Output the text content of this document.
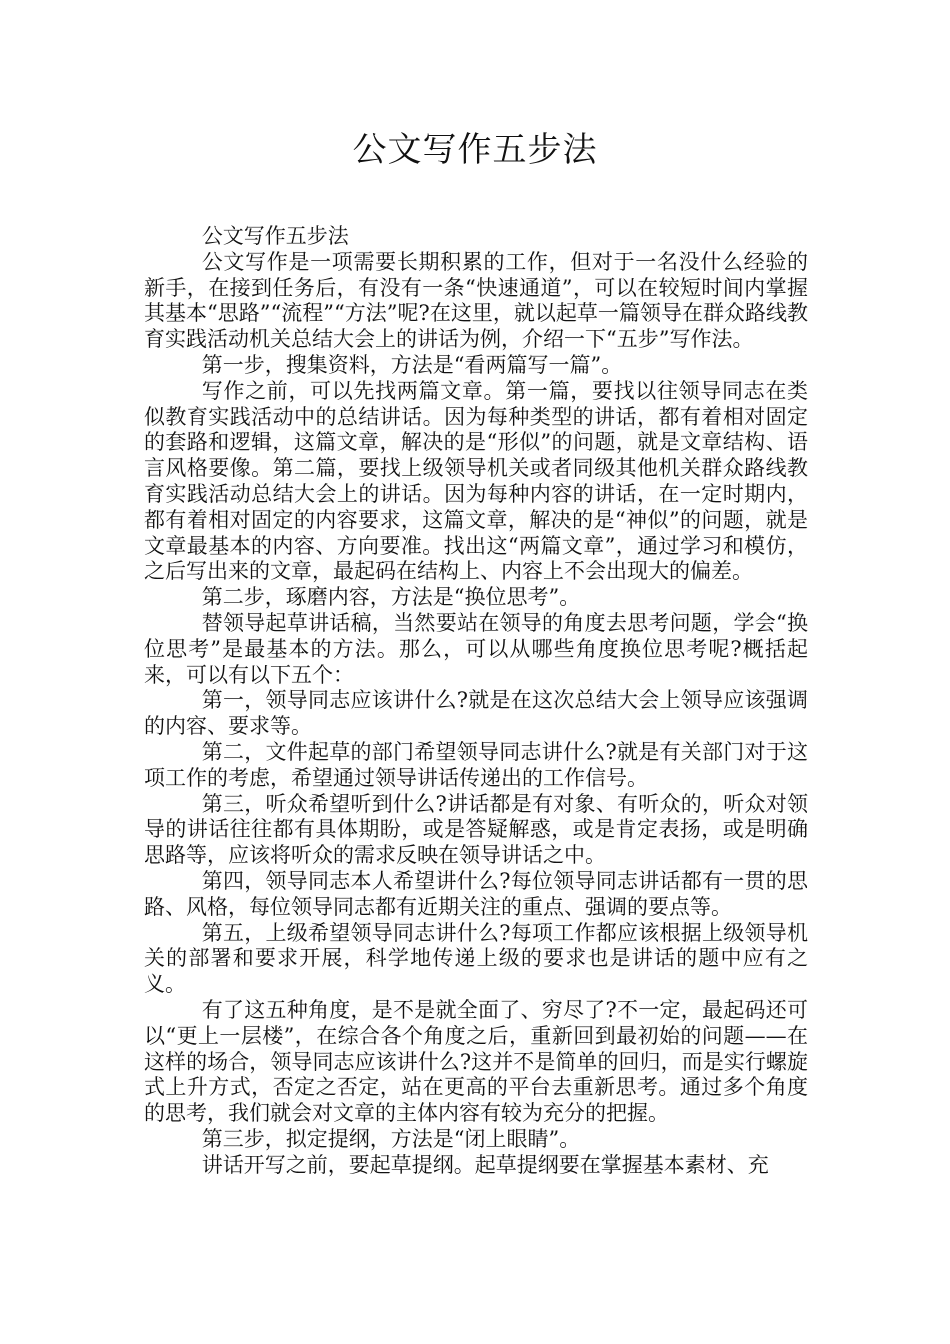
公文写作五步法

公文写作五步法

公文写作是一项需要长期积累的工作，但对于一名没什么经验的新手，在接到任务后，有没有一条“快速通道”，可以在较短时间内掌握其基本“思路”“流程”“方法”呢?在这里，就以起草一篇领导在群众路线教育实践活动机关总结大会上的讲话为例，介绍一下“五步”写作法。

第一步，搜集资料，方法是“看两篇写一篇”。

写作之前，可以先找两篇文章。第一篇，要找以往领导同志在类似教育实践活动中的总结讲话。因为每种类型的讲话，都有着相对固定的套路和逻辑，这篇文章，解决的是“形似”的问题，就是文章结构、语言风格要像。第二篇，要找上级领导机关或者同级其他机关群众路线教育实践活动总结大会上的讲话。因为每种内容的讲话，在一定时期内，都有着相对固定的内容要求，这篇文章，解决的是“神似”的问题，就是文章最基本的内容、方向要准。找出这“两篇文章”，通过学习和模仿，之后写出来的文章，最起码在结构上、内容上不会出现大的偏差。

第二步，琢磨内容，方法是“换位思考”。

替领导起草讲话稿，当然要站在领导的角度去思考问题，学会“换位思考”是最基本的方法。那么，可以从哪些角度换位思考呢?概括起来，可以有以下五个：

第一，领导同志应该讲什么?就是在这次总结大会上领导应该强调的内容、要求等。

第二，文件起草的部门希望领导同志讲什么?就是有关部门对于这项工作的考虑，希望通过领导讲话传递出的工作信号。

第三，听众希望听到什么?讲话都是有对象、有听众的，听众对领导的讲话往往都有具体期盼，或是答疑解惑，或是肯定表扬，或是明确思路等，应该将听众的需求反映在领导讲话之中。

第四，领导同志本人希望讲什么?每位领导同志讲话都有一贯的思路、风格，每位领导同志都有近期关注的重点、强调的要点等。

第五，上级希望领导同志讲什么?每项工作都应该根据上级领导机关的部署和要求开展，科学地传递上级的要求也是讲话的题中应有之义。

有了这五种角度，是不是就全面了、穷尽了?不一定，最起码还可以“更上一层楼”，在综合各个角度之后，重新回到最初始的问题——在这样的场合，领导同志应该讲什么?这并不是简单的回归，而是实行螺旋式上升方式，否定之否定，站在更高的平台去重新思考。通过多个角度的思考，我们就会对文章的主体内容有较为充分的把握。

第三步，拟定提纲，方法是“闭上眼睛”。

讲话开写之前，要起草提纲。起草提纲要在掌握基本素材、充
